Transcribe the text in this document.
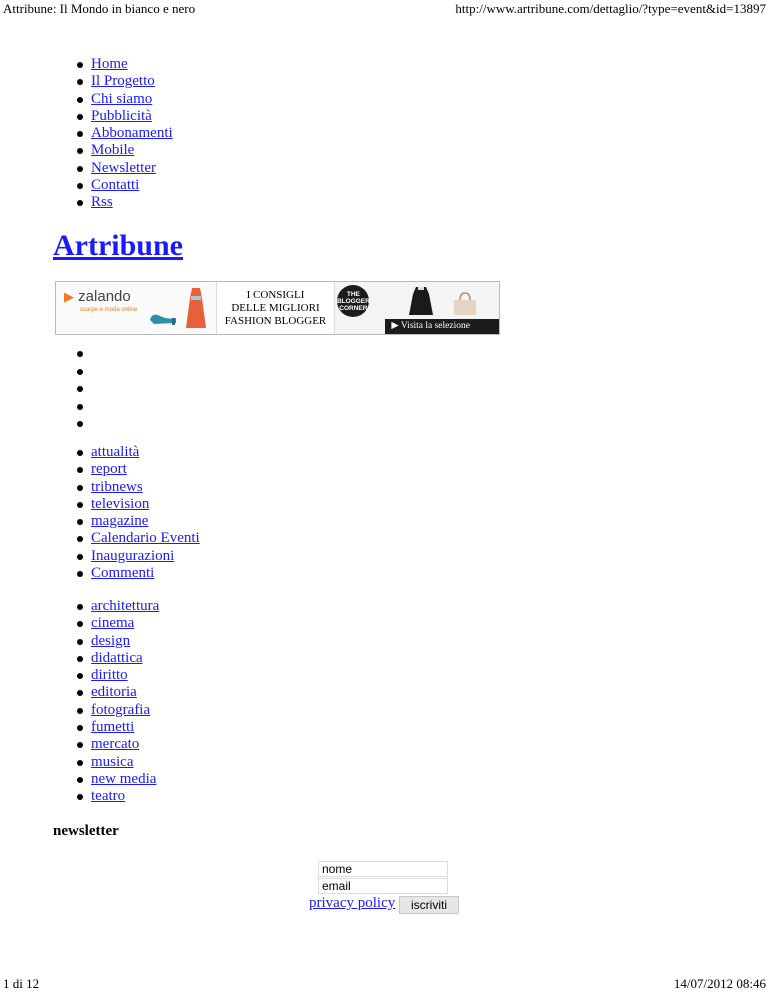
Attribune: Il Mondo in bianco e nero	http://www.artribune.com/dettaglio/?type=event&id=13897
Home
Il Progetto
Chi siamo
Pubblicità
Abbonamenti
Mobile
Newsletter
Contatti
Rss
Artribune
▶ zalando
scarpe e moda online
I CONSIGLI
DELLE MIGLIORI
FASHION BLOGGER
THE
BLOGGER
CORNER
▶ Visita la selezione
attualità
report
tribnews
television
magazine
Calendario Eventi
Inaugurazioni
Commenti
architettura
cinema
design
didattica
diritto
editoria
fotografia
fumetti
mercato
musica
new media
teatro
newsletter
nome
email
privacy policy	iscriviti
1 di 12	14/07/2012 08:46
